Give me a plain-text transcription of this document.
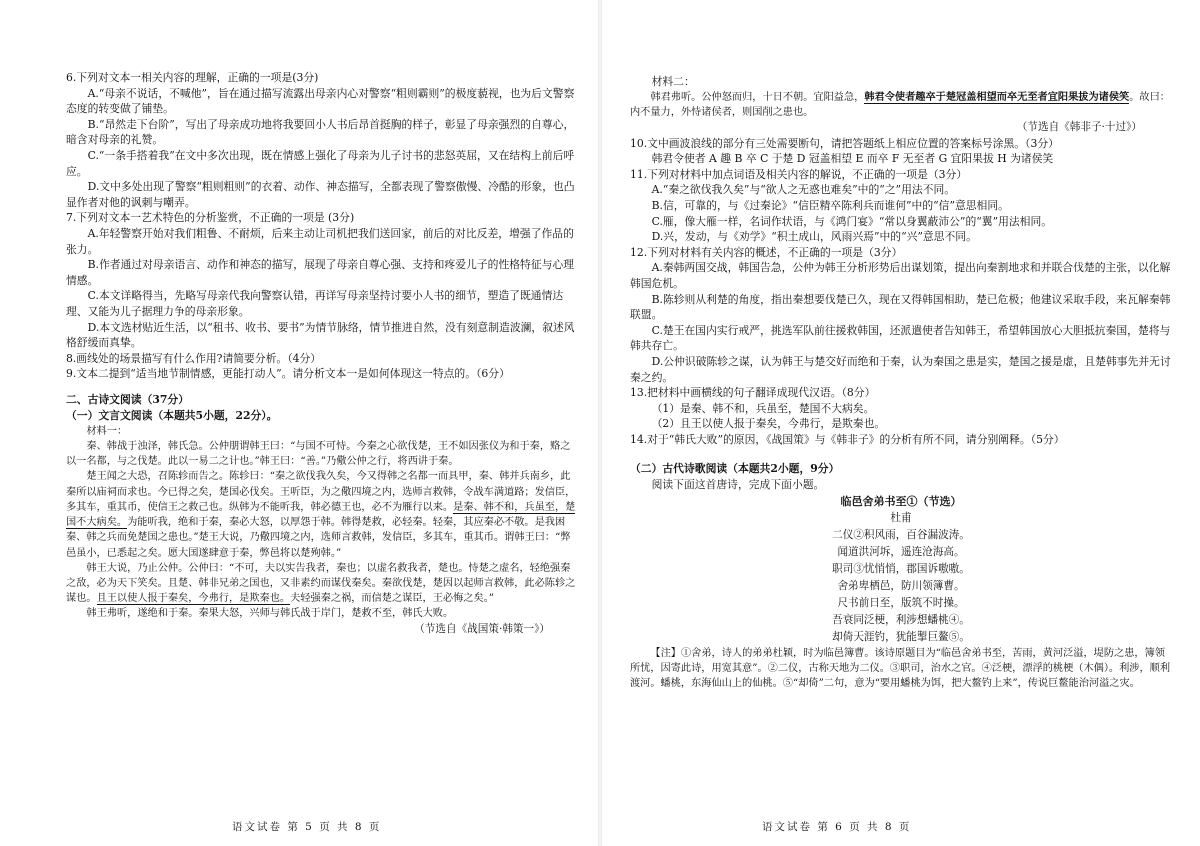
6.下列对文本一相关内容的理解，正确的一项是(3分)

A.“母亲不说话，不喊他”，旨在通过描写流露出母亲内心对警察“粗则霸则”的极度藐视，也为后文警察态度的转变做了铺垫。

B.“昂然走下台阶”，写出了母亲成功地将我要回小人书后昂首挺胸的样子，彰显了母亲强烈的自尊心，暗含对母亲的礼赞。

C.“一条手搭着我”在文中多次出现，既在情感上强化了母亲为儿子讨书的悲怒英屈，又在结构上前后呼应。

D.文中多处出现了警察“粗则粗则”的衣着、动作、神态描写，全都表现了警察傲慢、冷酷的形象，也凸显作者对他的讽刺与嘲弄。

7.下列对文本一艺术特色的分析鉴赏，不正确的一项是 (3分)

A.年轻警察开始对我们粗鲁、不耐烦，后来主动让司机把我们送回家，前后的对比反差，增强了作品的张力。

B.作者通过对母亲语言、动作和神态的描写，展现了母亲自尊心强、支持和疼爱儿子的性格特征与心理情感。

C.本文详略得当，先略写母亲代我向警察认错，再详写母亲坚持讨要小人书的细节，塑造了既通情达理、又能为儿子据理力争的母亲形象。

D.本文选材贴近生活，以“租书、收书、要书”为情节脉络，情节推进自然，没有刻意制造波澜，叙述风格舒缓而真挚。

8.画线处的场景描写有什么作用?请简要分析。（4分）

9.文本二提到“适当地节制情感，更能打动人”。请分析文本一是如何体现这一特点的。（6分）

二、古诗文阅读（37分）

（一）文言文阅读（本题共5小题，22分）。

材料一：

秦、韩战于浊泽，韩氏急。公仲朋谓韩王曰：“与国不可恃。今秦之心欲伐楚，王不如因张仪为和于秦，赂之以一名都，与之伐楚。此以一易二之计也。”韩王曰：“善。”乃儆公仲之行，将西讲于秦。

楚王闻之大恐，召陈轸而告之。陈轸曰：“秦之欲伐我久矣，今又得韩之名都一而具甲，秦、韩并兵南乡，此秦所以庙祠而求也。今已得之矣，楚国必伐矣。王听臣，为之儆四境之内，选师言救韩，令战车满道路；发信臣，多其车，重其币，使信王之救己也。纵韩为不能听我，韩必德王也，必不为雁行以来。是秦、韩不和，兵虽至，楚国不大病矣。为能听我，绝和于秦，秦必大怒，以厚怨于韩。韩得楚救，必轻秦。轻秦，其应秦必不敬。是我困秦、韩之兵而免楚国之患也。”楚王大说，乃儆四境之内，选师言救韩，发信臣，多其车，重其币。谓韩王曰：“弊邑虽小，已悉起之矣。愿大国遂肆意于秦，弊邑将以楚殉韩。”

韩王大说，乃止公仲。公仲曰：“不可，夫以实告我者，秦也；以虚名救我者，楚也。恃楚之虚名，轻绝强秦之敌，必为天下笑矣。且楚、韩非兄弟之国也，又非素约而谋伐秦矣。秦欲伐楚，楚因以起师言救韩，此必陈轸之谋也。且王以使人报于秦矣，今弗行，是欺秦也。夫轻强秦之祸，而信楚之谋臣，王必悔之矣。”

韩王弗听，遂绝和于秦。秦果大怒，兴师与韩氏战于岸门，楚救不至，韩氏大败。

（节选自《战国策·韩策一》）

语文试卷 第 5 页 共 8 页

材料二：

韩君弗听。公仲怒而归，十日不朝。宜阳益急，韩君令使者趣卒于楚冠盖相望而卒无至者宜阳果拔为诸侯笑。故曰：内不量力，外恃诸侯者，则国削之患也。

（节选自《韩非子·十过》）

10.文中画波浪线的部分有三处需要断句，请把答题纸上相应位置的答案标号涂黑。（3分）

韩君令使者 A 趣 B 卒 C 于楚 D 冠盖相望 E 而卒 F 无至者 G 宜阳果拔 H 为诸侯笑

11.下列对材料中加点词语及相关内容的解说，不正确的一项是（3分）

A.“秦之欲伐我久矣”与“欲人之无惑也难矣”中的“之”用法不同。

B.信，可靠的，与《过秦论》“信臣精卒陈利兵而谁何”中的“信”意思相同。

C.雁，像大雁一样，名词作状语，与《鸿门宴》“常以身翼蔽沛公”的“翼”用法相同。

D.兴，发动，与《劝学》“积土成山，风雨兴焉”中的“兴”意思不同。

12.下列对材料有关内容的概述，不正确的一项是（3分）

A.秦韩两国交战，韩国告急，公仲为韩王分析形势后出谋划策，提出向秦割地求和并联合伐楚的主张，以化解韩国危机。

B.陈轸则从利楚的角度，指出秦想要伐楚已久，现在又得韩国相助，楚已危极；他建议采取手段，来瓦解秦韩联盟。

C.楚王在国内实行戒严，挑选军队前往援救韩国，还派遣使者告知韩王，希望韩国放心大胆抵抗秦国，楚将与韩共存亡。

D.公仲识破陈轸之谋，认为韩王与楚交好而绝和于秦，认为秦国之患是实，楚国之援是虚，且楚韩事先并无讨秦之约。

13.把材料中画横线的句子翻译成现代汉语。（8分）

（1）是秦、韩不和，兵虽至，楚国不大病矣。

（2）且王以使人报于秦矣，今弗行，是欺秦也。

14.对于“韩氏大败”的原因，《战国策》与《韩非子》的分析有所不同，请分别阐释。（5分）

（二）古代诗歌阅读（本题共2小题，9分）

阅读下面这首唐诗，完成下面小题。

临邑舍弟书至①（节选）

杜甫

二仪②积风雨，百谷漏波涛。

闻道洪河坼，遥连沧海高。

职司③忧悄悄，郡国诉嗷嗷。

舍弟卑栖邑，防川领簿曹。

尺书前日至，版筑不时操。

吾衰同泛梗，利涉想蟠桃④。

却倚天涯钓，犹能掣巨鳌⑤。

【注】①舍弟，诗人的弟弟杜颖，时为临邑簿曹。该诗原题目为“临邑舍弟书至，苦雨，黄河泛溢，堤防之患，簿领所忧，因寄此诗，用宽其意”。②二仪，古称天地为二仪。③职司，治水之官。④泛梗，漂浮的桃梗（木偶）。利涉，顺利渡河。蟠桃，东海仙山上的仙桃。⑤“却倚”二句，意为“要用蟠桃为饵，把大鳌钓上来”，传说巨鳌能治河溢之灾。

语文试卷 第 6 页 共 8 页
